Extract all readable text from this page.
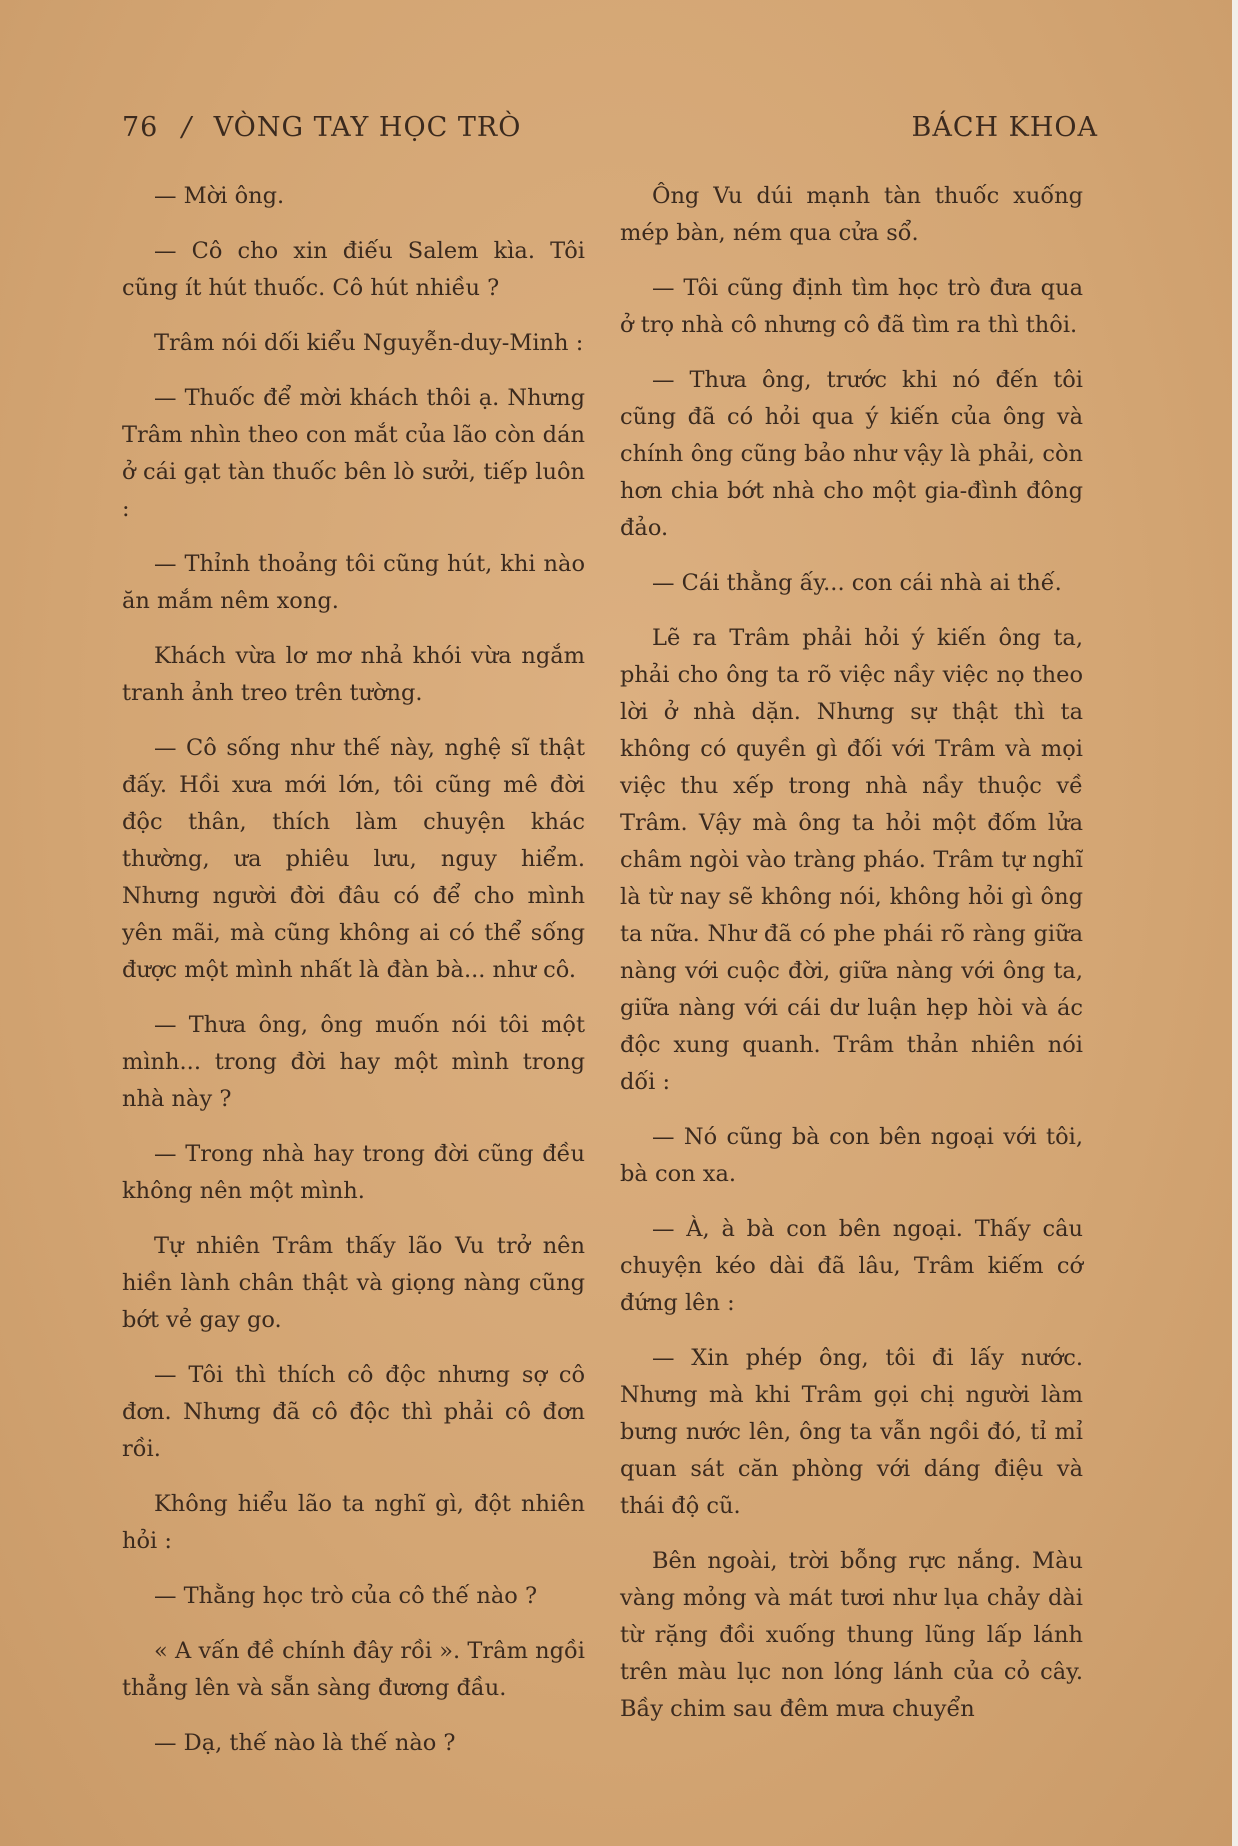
76 / VÒNG TAY HỌC TRÒ	BÁCH KHOA

— Mời ông.

— Cô cho xin điếu Salem kìa. Tôi cũng ít hút thuốc. Cô hút nhiều ?

Trâm nói dối kiểu Nguyễn-duy-Minh :

— Thuốc để mời khách thôi ạ. Nhưng Trâm nhìn theo con mắt của lão còn dán ở cái gạt tàn thuốc bên lò sưởi, tiếp luôn :

— Thỉnh thoảng tôi cũng hút, khi nào ăn mắm nêm xong.

Khách vừa lơ mơ nhả khói vừa ngắm tranh ảnh treo trên tường.

— Cô sống như thế này, nghệ sĩ thật đấy. Hồi xưa mới lớn, tôi cũng mê đời độc thân, thích làm chuyện khác thường, ưa phiêu lưu, nguy hiểm. Nhưng người đời đâu có để cho mình yên mãi, mà cũng không ai có thể sống được một mình nhất là đàn bà... như cô.

— Thưa ông, ông muốn nói tôi một mình... trong đời hay một mình trong nhà này ?

— Trong nhà hay trong đời cũng đều không nên một mình.

Tự nhiên Trâm thấy lão Vu trở nên hiền lành chân thật và giọng nàng cũng bớt vẻ gay go.

— Tôi thì thích cô độc nhưng sợ cô đơn. Nhưng đã cô độc thì phải cô đơn rồi.

Không hiểu lão ta nghĩ gì, đột nhiên hỏi :

— Thằng học trò của cô thế nào ?

« A vấn đề chính đây rồi ». Trâm ngồi thẳng lên và sẵn sàng đương đầu.

— Dạ, thế nào là thế nào ?

Ông Vu dúi mạnh tàn thuốc xuống mép bàn, ném qua cửa sổ.

— Tôi cũng định tìm học trò đưa qua ở trọ nhà cô nhưng cô đã tìm ra thì thôi.

— Thưa ông, trước khi nó đến tôi cũng đã có hỏi qua ý kiến của ông và chính ông cũng bảo như vậy là phải, còn hơn chia bớt nhà cho một gia-đình đông đảo.

— Cái thằng ấy... con cái nhà ai thế.

Lẽ ra Trâm phải hỏi ý kiến ông ta, phải cho ông ta rõ việc nầy việc nọ theo lời ở nhà dặn. Nhưng sự thật thì ta không có quyền gì đối với Trâm và mọi việc thu xếp trong nhà nầy thuộc về Trâm. Vậy mà ông ta hỏi một đốm lửa châm ngòi vào tràng pháo. Trâm tự nghĩ là từ nay sẽ không nói, không hỏi gì ông ta nữa. Như đã có phe phái rõ ràng giữa nàng với cuộc đời, giữa nàng với ông ta, giữa nàng với cái dư luận hẹp hòi và ác độc xung quanh. Trâm thản nhiên nói dối :

— Nó cũng bà con bên ngoại với tôi, bà con xa.

— À, à bà con bên ngoại. Thấy câu chuyện kéo dài đã lâu, Trâm kiếm cớ đứng lên :

— Xin phép ông, tôi đi lấy nước. Nhưng mà khi Trâm gọi chị người làm bưng nước lên, ông ta vẫn ngồi đó, tỉ mỉ quan sát căn phòng với dáng điệu và thái độ cũ.

Bên ngoài, trời bỗng rực nắng. Màu vàng mỏng và mát tươi như lụa chảy dài từ rặng đồi xuống thung lũng lấp lánh trên màu lục non lóng lánh của cỏ cây. Bầy chim sau đêm mưa chuyển
